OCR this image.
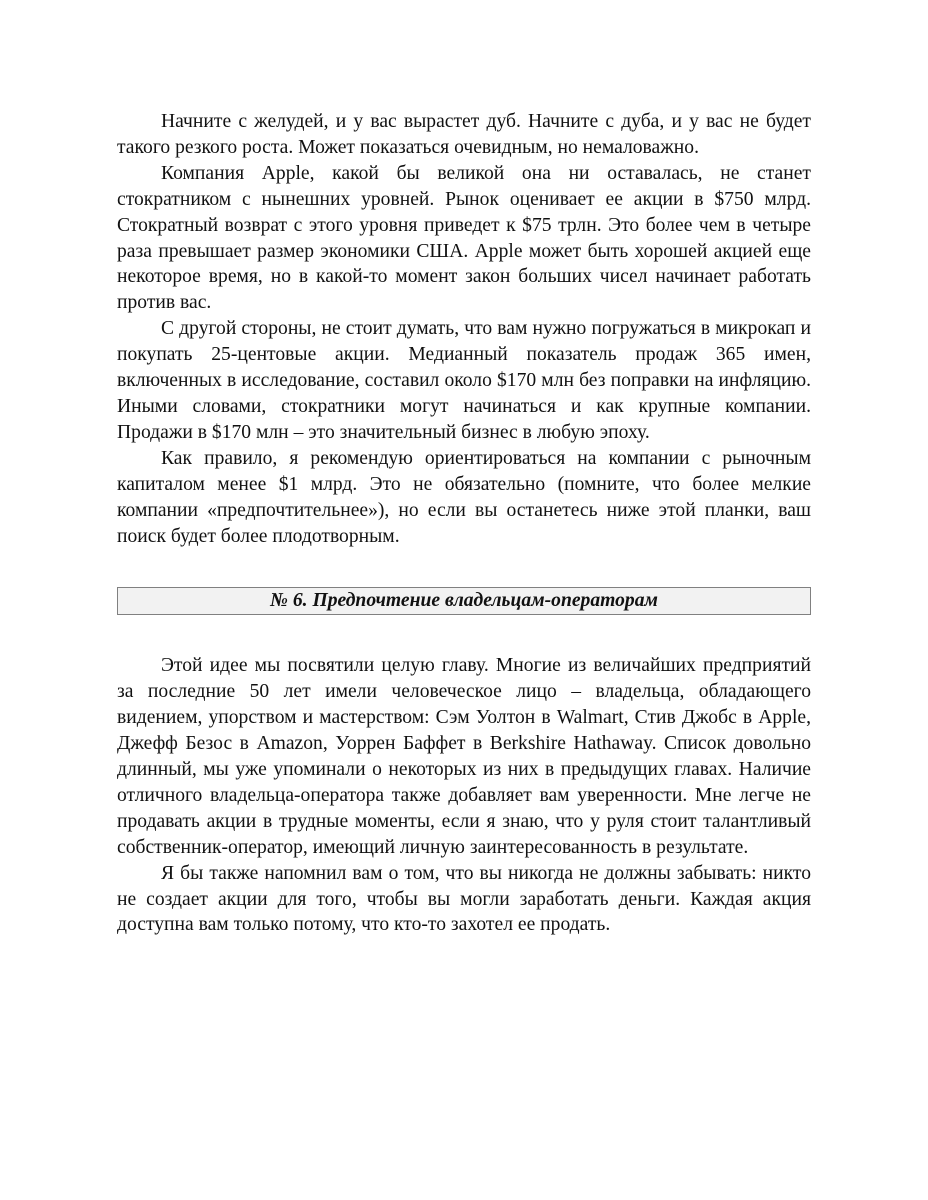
Начните с желудей, и у вас вырастет дуб. Начните с дуба, и у вас не будет такого резкого роста. Может показаться очевидным, но немаловажно.

Компания Apple, какой бы великой она ни оставалась, не станет стократником с нынешних уровней. Рынок оценивает ее акции в $750 млрд. Стократный возврат с этого уровня приведет к $75 трлн. Это более чем в четыре раза превышает размер экономики США. Apple может быть хорошей акцией еще некоторое время, но в какой-то момент закон больших чисел начинает работать против вас.

С другой стороны, не стоит думать, что вам нужно погружаться в микрокап и покупать 25-центовые акции. Медианный показатель продаж 365 имен, включенных в исследование, составил около $170 млн без поправки на инфляцию. Иными словами, стократники могут начинаться и как крупные компании. Продажи в $170 млн – это значительный бизнес в любую эпоху.

Как правило, я рекомендую ориентироваться на компании с рыночным капиталом менее $1 млрд. Это не обязательно (помните, что более мелкие компании «предпочтительнее»), но если вы останетесь ниже этой планки, ваш поиск будет более плодотворным.

№ 6. Предпочтение владельцам-операторам

Этой идее мы посвятили целую главу. Многие из величайших предприятий за последние 50 лет имели человеческое лицо – владельца, обладающего видением, упорством и мастерством: Сэм Уолтон в Walmart, Стив Джобс в Apple, Джефф Безос в Amazon, Уоррен Баффет в Berkshire Hathaway. Список довольно длинный, мы уже упоминали о некоторых из них в предыдущих главах. Наличие отличного владельца-оператора также добавляет вам уверенности. Мне легче не продавать акции в трудные моменты, если я знаю, что у руля стоит талантливый собственник-оператор, имеющий личную заинтересованность в результате.

Я бы также напомнил вам о том, что вы никогда не должны забывать: никто не создает акции для того, чтобы вы могли заработать деньги. Каждая акция доступна вам только потому, что кто-то захотел ее продать.
